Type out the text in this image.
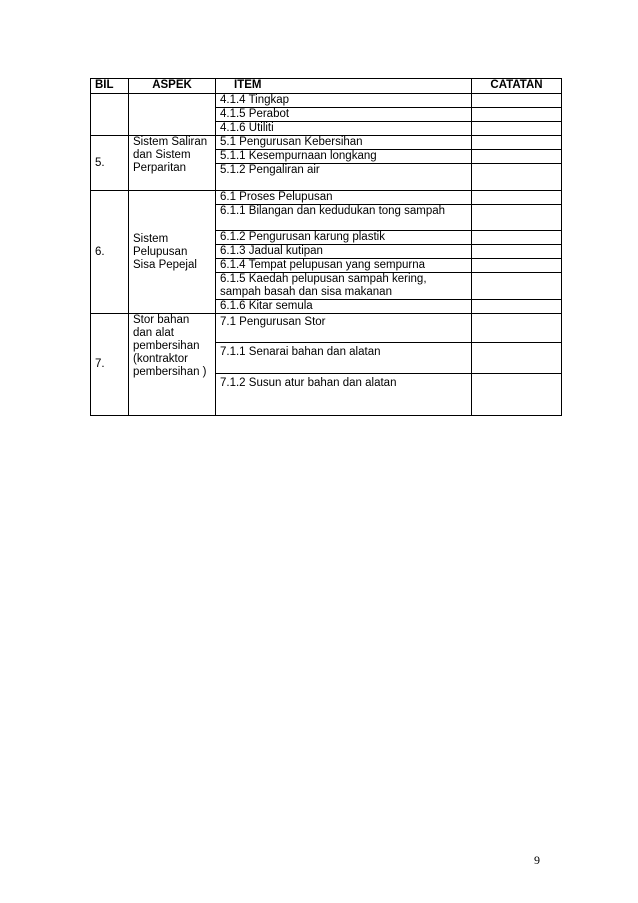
BIL	ASPEK	ITEM	CATATAN
		4.1.4 Tingkap	
		4.1.5 Perabot	
		4.1.6 Utiliti	
5.	Sistem Saliran dan Sistem Perparitan	5.1 Pengurusan Kebersihan	
		5.1.1 Kesempurnaan longkang	
		5.1.2 Pengaliran air	
6.	Sistem Pelupusan Sisa Pepejal	6.1 Proses Pelupusan	
		6.1.1 Bilangan dan kedudukan tong sampah	
		6.1.2 Pengurusan karung plastik	
		6.1.3 Jadual kutipan	
		6.1.4 Tempat pelupusan yang sempurna	
		6.1.5 Kaedah pelupusan sampah kering, sampah basah dan sisa makanan	
		6.1.6 Kitar semula	
7.	Stor bahan dan alat pembersihan (kontraktor pembersihan )	7.1 Pengurusan Stor	
		7.1.1 Senarai bahan dan alatan	
		7.1.2 Susun atur bahan dan alatan	
9
